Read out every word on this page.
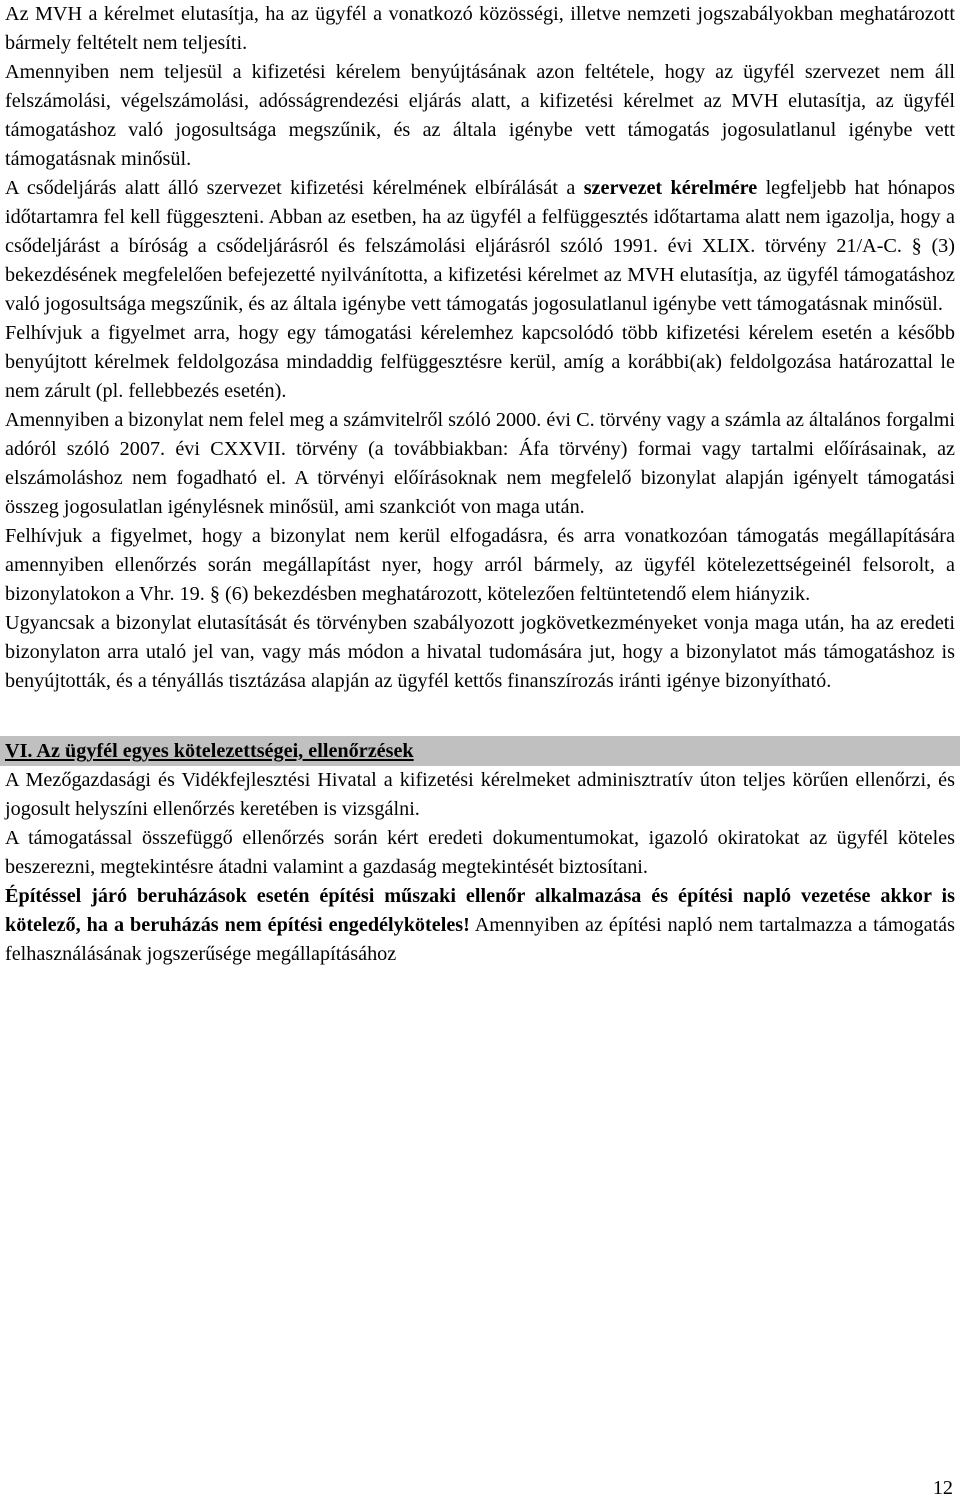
Az MVH a kérelmet elutasítja, ha az ügyfél a vonatkozó közösségi, illetve nemzeti jogszabályokban meghatározott bármely feltételt nem teljesíti.

Amennyiben nem teljesül a kifizetési kérelem benyújtásának azon feltétele, hogy az ügyfél szervezet nem áll felszámolási, végelszámolási, adósságrendezési eljárás alatt, a kifizetési kérelmet az MVH elutasítja, az ügyfél támogatáshoz való jogosultsága megszűnik, és az általa igénybe vett támogatás jogosulatlanul igénybe vett támogatásnak minősül.

A csődeljárás alatt álló szervezet kifizetési kérelmének elbírálását a szervezet kérelmére legfeljebb hat hónapos időtartamra fel kell függeszteni. Abban az esetben, ha az ügyfél a felfüggesztés időtartama alatt nem igazolja, hogy a csődeljárást a bíróság a csődeljárásról és felszámolási eljárásról szóló 1991. évi XLIX. törvény 21/A-C. § (3) bekezdésének megfelelően befejezetté nyilvánította, a kifizetési kérelmet az MVH elutasítja, az ügyfél támogatáshoz való jogosultsága megszűnik, és az általa igénybe vett támogatás jogosulatlanul igénybe vett támogatásnak minősül.

Felhívjuk a figyelmet arra, hogy egy támogatási kérelemhez kapcsolódó több kifizetési kérelem esetén a később benyújtott kérelmek feldolgozása mindaddig felfüggesztésre kerül, amíg a korábbi(ak) feldolgozása határozattal le nem zárult (pl. fellebbezés esetén).

Amennyiben a bizonylat nem felel meg a számvitelről szóló 2000. évi C. törvény vagy a számla az általános forgalmi adóról szóló 2007. évi CXXVII. törvény (a továbbiakban: Áfa törvény) formai vagy tartalmi előírásainak, az elszámoláshoz nem fogadható el. A törvényi előírásoknak nem megfelelő bizonylat alapján igényelt támogatási összeg jogosulatlan igénylésnek minősül, ami szankciót von maga után.

Felhívjuk a figyelmet, hogy a bizonylat nem kerül elfogadásra, és arra vonatkozóan támogatás megállapítására amennyiben ellenőrzés során megállapítást nyer, hogy arról bármely, az ügyfél kötelezettségeinél felsorolt, a bizonylatokon a Vhr. 19. § (6) bekezdésben meghatározott, kötelezően feltüntetendő elem hiányzik.

Ugyancsak a bizonylat elutasítását és törvényben szabályozott jogkövetkezményeket vonja maga után, ha az eredeti bizonylaton arra utaló jel van, vagy más módon a hivatal tudomására jut, hogy a bizonylatot más támogatáshoz is benyújtották, és a tényállás tisztázása alapján az ügyfél kettős finanszírozás iránti igénye bizonyítható.

VI. Az ügyfél egyes kötelezettségei, ellenőrzések

A Mezőgazdasági és Vidékfejlesztési Hivatal a kifizetési kérelmeket adminisztratív úton teljes körűen ellenőrzi, és jogosult helyszíni ellenőrzés keretében is vizsgálni.

A támogatással összefüggő ellenőrzés során kért eredeti dokumentumokat, igazoló okiratokat az ügyfél köteles beszerezni, megtekintésre átadni valamint a gazdaság megtekintését biztosítani.

Építéssel járó beruházások esetén építési műszaki ellenőr alkalmazása és építési napló vezetése akkor is kötelező, ha a beruházás nem építési engedélyköteles! Amennyiben az építési napló nem tartalmazza a támogatás felhasználásának jogszerűsége megállapításához

12
